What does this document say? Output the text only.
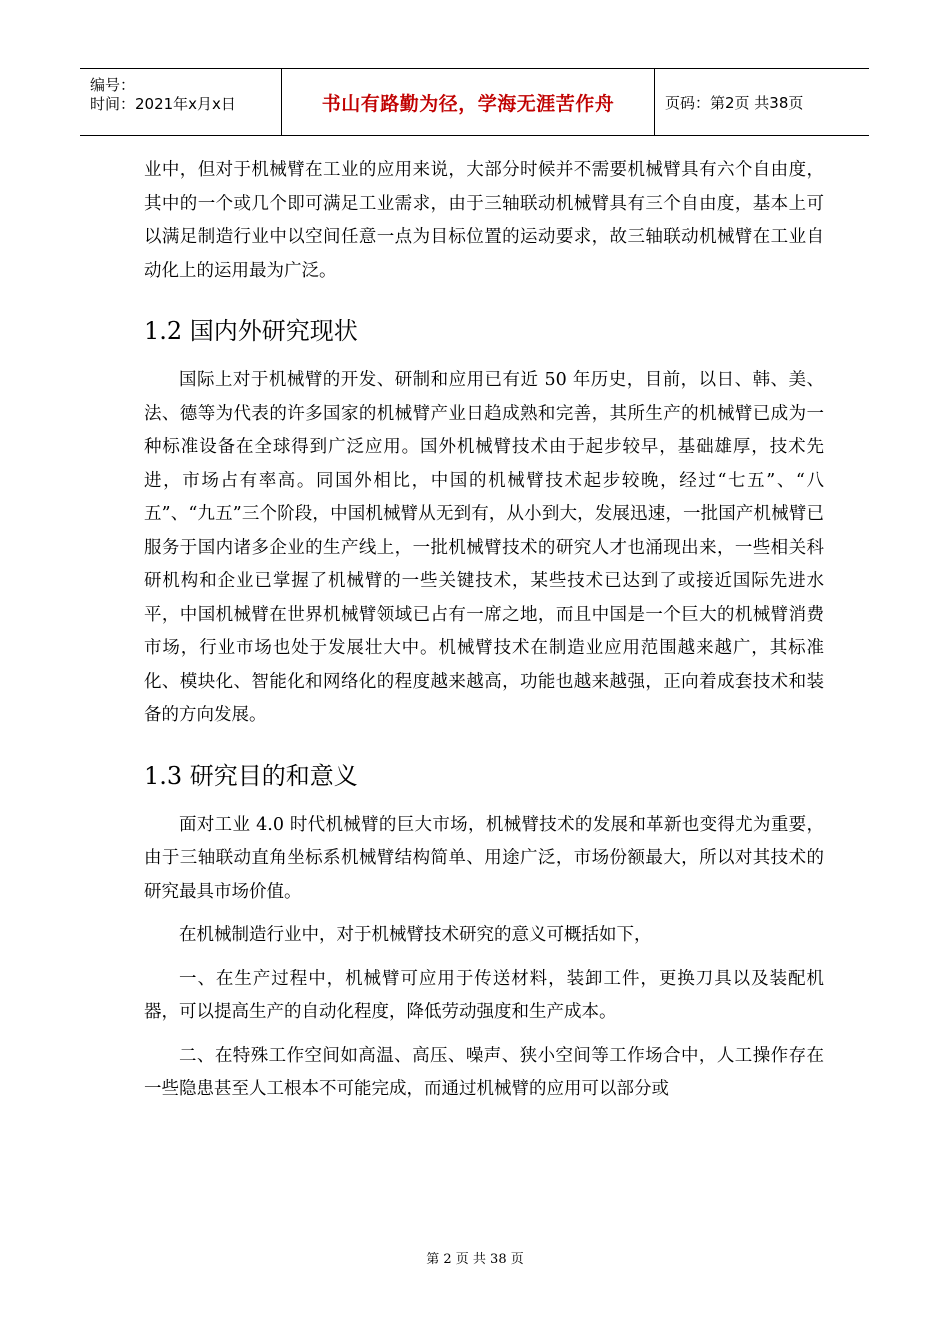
编号：
时间：2021年x月x日	书山有路勤为径，学海无涯苦作舟	页码：第2页 共38页

业中，但对于机械臂在工业的应用来说，大部分时候并不需要机械臂具有六个自由度，其中的一个或几个即可满足工业需求，由于三轴联动机械臂具有三个自由度，基本上可以满足制造行业中以空间任意一点为目标位置的运动要求，故三轴联动机械臂在工业自动化上的运用最为广泛。

1.2 国内外研究现状

国际上对于机械臂的开发、研制和应用已有近 50 年历史，目前，以日、韩、美、法、德等为代表的许多国家的机械臂产业日趋成熟和完善，其所生产的机械臂已成为一种标准设备在全球得到广泛应用。国外机械臂技术由于起步较早，基础雄厚，技术先进，市场占有率高。同国外相比，中国的机械臂技术起步较晚，经过“七五”、“八五”、“九五”三个阶段，中国机械臂从无到有，从小到大，发展迅速，一批国产机械臂已服务于国内诸多企业的生产线上，一批机械臂技术的研究人才也涌现出来，一些相关科研机构和企业已掌握了机械臂的一些关键技术，某些技术已达到了或接近国际先进水平，中国机械臂在世界机械臂领域已占有一席之地，而且中国是一个巨大的机械臂消费市场，行业市场也处于发展壮大中。机械臂技术在制造业应用范围越来越广，其标准化、模块化、智能化和网络化的程度越来越高，功能也越来越强，正向着成套技术和装备的方向发展。

1.3 研究目的和意义

面对工业 4.0 时代机械臂的巨大市场，机械臂技术的发展和革新也变得尤为重要，由于三轴联动直角坐标系机械臂结构简单、用途广泛，市场份额最大，所以对其技术的研究最具市场价值。

在机械制造行业中，对于机械臂技术研究的意义可概括如下，

一、在生产过程中，机械臂可应用于传送材料，装卸工件，更换刀具以及装配机器，可以提高生产的自动化程度，降低劳动强度和生产成本。

二、在特殊工作空间如高温、高压、噪声、狭小空间等工作场合中，人工操作存在一些隐患甚至人工根本不可能完成，而通过机械臂的应用可以部分或

第 2 页 共 38 页
